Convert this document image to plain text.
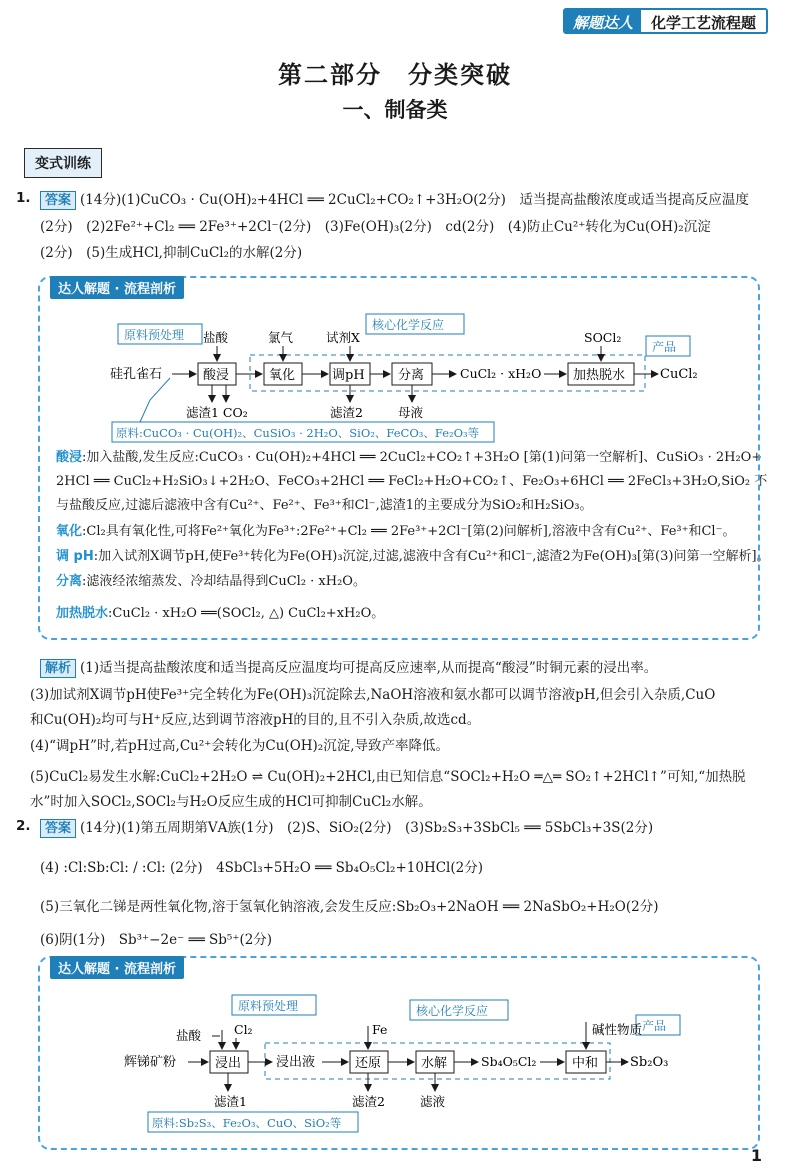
解题达人	化学工艺流程题
第二部分　分类突破
一、制备类
变式训练
1.	答案 (14分)(1)CuCO₃ · Cu(OH)₂+4HCl ══ 2CuCl₂+CO₂↑+3H₂O(2分)　适当提高盐酸浓度或适当提高反应温度
(2分)　(2)2Fe²⁺+Cl₂ ══ 2Fe³⁺+2Cl⁻(2分)　(3)Fe(OH)₃(2分)　cd(2分)　(4)防止Cu²⁺转化为Cu(OH)₂沉淀
(2分)　(5)生成HCl,抑制CuCl₂的水解(2分)
达人解题 · 流程剖析
原料预处理
核心化学反应
产品
硅孔雀石	酸浸	氧化	调pH	分离	CuCl₂ · xH₂O 加热脱水	CuCl₂
盐酸	氯气	试剂X	SOCl₂
滤渣1 CO₂	滤渣2	母液
原料:CuCO₃ · Cu(OH)₂、CuSiO₃ · 2H₂O、SiO₂、FeCO₃、Fe₂O₃等
原料预处理	核心化学反应
产品
辉锑矿粉	浸出	浸出液	还原	水解	Sb₄O₅Cl₂	中和 Sb₂O₃
盐酸	Cl₂	Fe	碱性物质
滤渣1	滤渣2	滤液
原料:Sb₂S₃、Fe₂O₃、CuO、SiO₂等
酸浸:加入盐酸,发生反应:CuCO₃ · Cu(OH)₂+4HCl ══ 2CuCl₂+CO₂↑+3H₂O [第(1)问第一空解析]、CuSiO₃ · 2H₂O+
2HCl ══ CuCl₂+H₂SiO₃↓+2H₂O、FeCO₃+2HCl ══ FeCl₂+H₂O+CO₂↑、Fe₂O₃+6HCl ══ 2FeCl₃+3H₂O,SiO₂ 不
与盐酸反应,过滤后滤液中含有Cu²⁺、Fe²⁺、Fe³⁺和Cl⁻,滤渣1的主要成分为SiO₂和H₂SiO₃。
氧化:Cl₂具有氧化性,可将Fe²⁺氧化为Fe³⁺:2Fe²⁺+Cl₂ ══ 2Fe³⁺+2Cl⁻[第(2)问解析],溶液中含有Cu²⁺、Fe³⁺和Cl⁻。
调 pH:加入试剂X调节pH,使Fe³⁺转化为Fe(OH)₃沉淀,过滤,滤液中含有Cu²⁺和Cl⁻,滤渣2为Fe(OH)₃[第(3)问第一空解析]。
分离:滤液经浓缩蒸发、冷却结晶得到CuCl₂ · xH₂O。
加热脱水:CuCl₂ · xH₂O ══(SOCl₂, △) CuCl₂+xH₂O。
解析 (1)适当提高盐酸浓度和适当提高反应温度均可提高反应速率,从而提高“酸浸”时铜元素的浸出率。
(3)加试剂X调节pH使Fe³⁺完全转化为Fe(OH)₃沉淀除去,NaOH溶液和氨水都可以调节溶液pH,但会引入杂质,CuO
和Cu(OH)₂均可与H⁺反应,达到调节溶液pH的目的,且不引入杂质,故选cd。
(4)“调pH”时,若pH过高,Cu²⁺会转化为Cu(OH)₂沉淀,导致产率降低。
(5)CuCl₂易发生水解:CuCl₂+2H₂O ⇌ Cu(OH)₂+2HCl,由已知信息“SOCl₂+H₂O ═△═ SO₂↑+2HCl↑”可知,“加热脱
水”时加入SOCl₂,SOCl₂与H₂O反应生成的HCl可抑制CuCl₂水解。
2.	答案 (14分)(1)第五周期第ⅤA族(1分)　(2)S、SiO₂(2分)　(3)Sb₂S₃+3SbCl₅ ══ 5SbCl₃+3S(2分)
(4) :Cl:Sb:Cl: / :Cl: (2分)　4SbCl₃+5H₂O ══ Sb₄O₅Cl₂+10HCl(2分)
(5)三氧化二锑是两性氧化物,溶于氢氧化钠溶液,会发生反应:Sb₂O₃+2NaOH ══ 2NaSbO₂+H₂O(2分)
(6)阴(1分)　Sb³⁺−2e⁻ ══ Sb⁵⁺(2分)
达人解题 · 流程剖析
1
